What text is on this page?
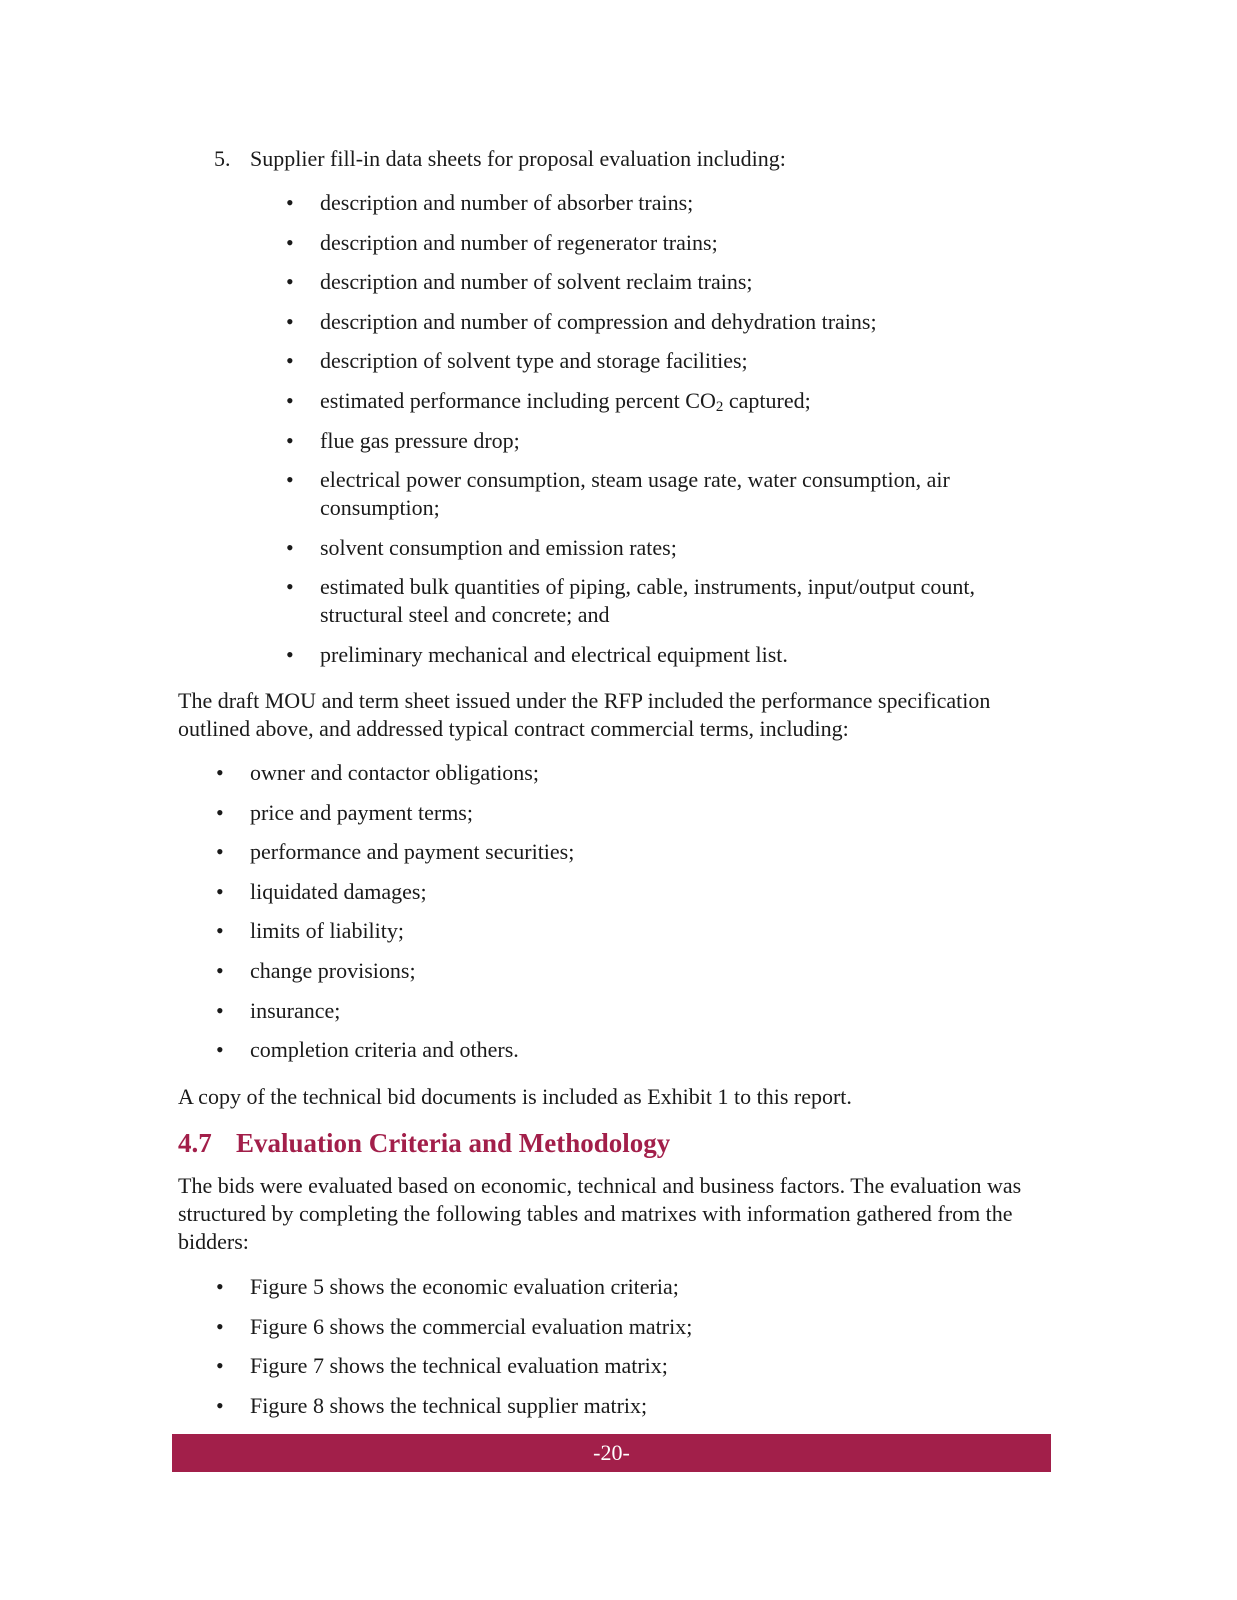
5. Supplier fill-in data sheets for proposal evaluation including:
• description and number of absorber trains;
• description and number of regenerator trains;
• description and number of solvent reclaim trains;
• description and number of compression and dehydration trains;
• description of solvent type and storage facilities;
• estimated performance including percent $CO_2$ captured;
• flue gas pressure drop;
• electrical power consumption, steam usage rate, water consumption, air consumption;
• solvent consumption and emission rates;
• estimated bulk quantities of piping, cable, instruments, input/output count, structural steel and concrete; and
• preliminary mechanical and electrical equipment list.

The draft MOU and term sheet issued under the RFP included the performance specification outlined above, and addressed typical contract commercial terms, including:

• owner and contactor obligations;
• price and payment terms;
• performance and payment securities;
• liquidated damages;
• limits of liability;
• change provisions;
• insurance;
• completion criteria and others.

A copy of the technical bid documents is included as Exhibit 1 to this report.

4.7 Evaluation Criteria and Methodology

The bids were evaluated based on economic, technical and business factors. The evaluation was structured by completing the following tables and matrixes with information gathered from the bidders:

• Figure 5 shows the economic evaluation criteria;
• Figure 6 shows the commercial evaluation matrix;
• Figure 7 shows the technical evaluation matrix;
• Figure 8 shows the technical supplier matrix;
-20-
